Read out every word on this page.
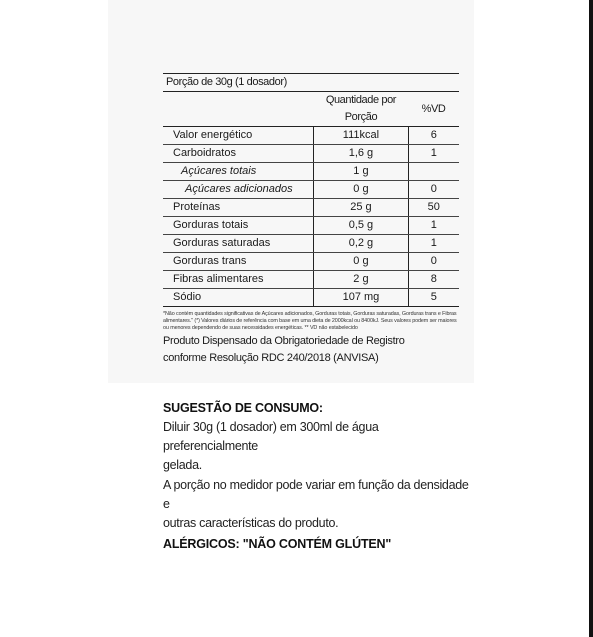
Porção de 30g (1 dosador)
	Quantidade por Porção	%VD
Valor energético	111kcal	6
Carboidratos	1,6 g	1
Açúcares totais	1 g	
Açúcares adicionados	0 g	0
Proteínas	25 g	50
Gorduras totais	0,5 g	1
Gorduras saturadas	0,2 g	1
Gorduras trans	0 g	0
Fibras alimentares	2 g	8
Sódio	107 mg	5
*Não contém quantidades significativas de Açúcares adicionados, Gorduras totais, Gorduras saturadas, Gorduras trans e Fibras alimentares." (*) Valores diários de referência com base em uma dieta de 2000kcal ou 8400kJ. Seus valores podem ser maiores ou menores dependendo de suas necessidades energéticas. ** VD não estabelecido
Produto Dispensado da Obrigatoriedade de Registro
conforme Resolução RDC 240/2018 (ANVISA)
SUGESTÃO DE CONSUMO:
Diluir 30g (1 dosador) em 300ml de água preferencialmente
gelada.
A porção no medidor pode variar em função da densidade e
outras características do produto.
ALÉRGICOS: "NÃO CONTÉM GLÚTEN"
